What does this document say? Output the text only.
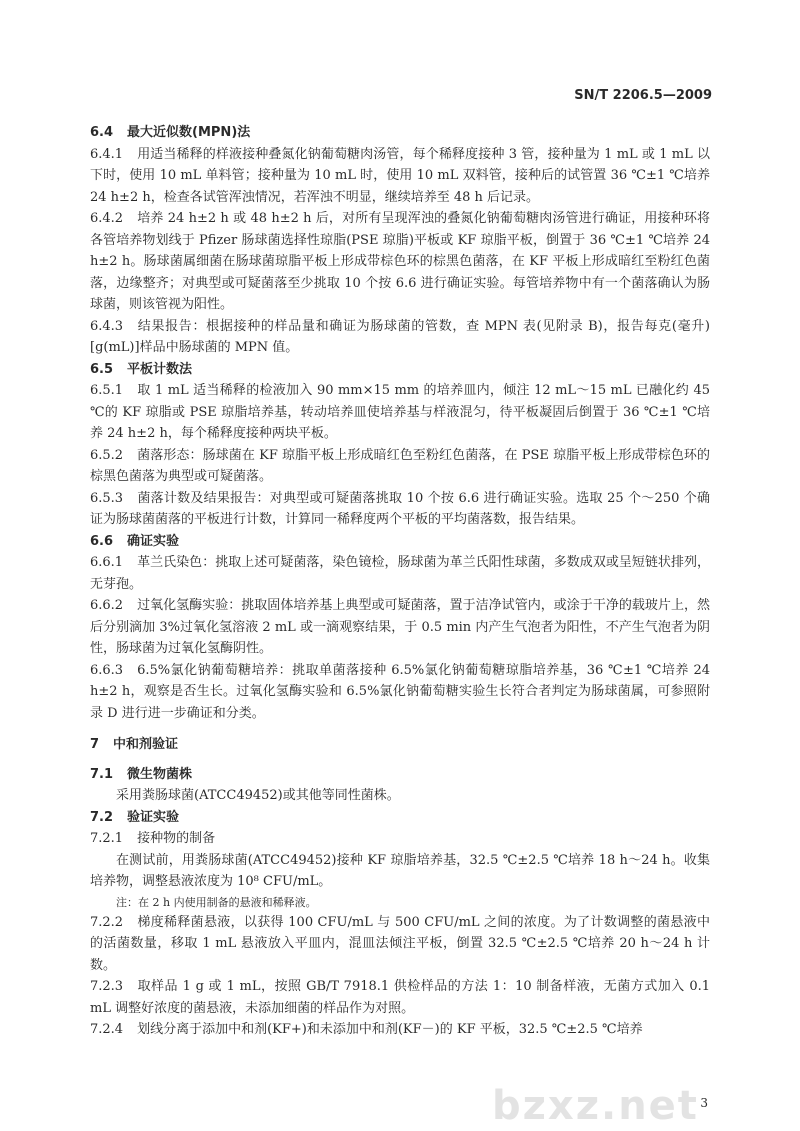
SN/T 2206.5—2009

6.4 最大近似数(MPN)法

6.4.1 用适当稀释的样液接种叠氮化钠葡萄糖肉汤管，每个稀释度接种 3 管，接种量为 1 mL 或 1 mL 以下时，使用 10 mL 单料管；接种量为 10 mL 时，使用 10 mL 双料管，接种后的试管置 36 ℃±1 ℃培养 24 h±2 h，检查各试管浑浊情况，若浑浊不明显，继续培养至 48 h 后记录。

6.4.2 培养 24 h±2 h 或 48 h±2 h 后，对所有呈现浑浊的叠氮化钠葡萄糖肉汤管进行确证，用接种环将各管培养物划线于 Pfizer 肠球菌选择性琼脂(PSE 琼脂)平板或 KF 琼脂平板，倒置于 36 ℃±1 ℃培养 24 h±2 h。肠球菌属细菌在肠球菌琼脂平板上形成带棕色环的棕黑色菌落，在 KF 平板上形成暗红至粉红色菌落，边缘整齐；对典型或可疑菌落至少挑取 10 个按 6.6 进行确证实验。每管培养物中有一个菌落确认为肠球菌，则该管视为阳性。

6.4.3 结果报告：根据接种的样品量和确证为肠球菌的管数，查 MPN 表(见附录 B)，报告每克(毫升)[g(mL)]样品中肠球菌的 MPN 值。

6.5 平板计数法

6.5.1 取 1 mL 适当稀释的检液加入 90 mm×15 mm 的培养皿内，倾注 12 mL～15 mL 已融化约 45 ℃的 KF 琼脂或 PSE 琼脂培养基，转动培养皿使培养基与样液混匀，待平板凝固后倒置于 36 ℃±1 ℃培养 24 h±2 h，每个稀释度接种两块平板。

6.5.2 菌落形态：肠球菌在 KF 琼脂平板上形成暗红色至粉红色菌落，在 PSE 琼脂平板上形成带棕色环的棕黑色菌落为典型或可疑菌落。

6.5.3 菌落计数及结果报告：对典型或可疑菌落挑取 10 个按 6.6 进行确证实验。选取 25 个～250 个确证为肠球菌菌落的平板进行计数，计算同一稀释度两个平板的平均菌落数，报告结果。

6.6 确证实验

6.6.1 革兰氏染色：挑取上述可疑菌落，染色镜检，肠球菌为革兰氏阳性球菌，多数成双或呈短链状排列，无芽孢。

6.6.2 过氧化氢酶实验：挑取固体培养基上典型或可疑菌落，置于洁净试管内，或涂于干净的载玻片上，然后分别滴加 3%过氧化氢溶液 2 mL 或一滴观察结果，于 0.5 min 内产生气泡者为阳性，不产生气泡者为阴性，肠球菌为过氧化氢酶阴性。

6.6.3 6.5%氯化钠葡萄糖培养：挑取单菌落接种 6.5%氯化钠葡萄糖琼脂培养基，36 ℃±1 ℃培养 24 h±2 h，观察是否生长。过氧化氢酶实验和 6.5%氯化钠葡萄糖实验生长符合者判定为肠球菌属，可参照附录 D 进行进一步确证和分类。

7 中和剂验证

7.1 微生物菌株

采用粪肠球菌(ATCC49452)或其他等同性菌株。

7.2 验证实验

7.2.1 接种物的制备

在测试前，用粪肠球菌(ATCC49452)接种 KF 琼脂培养基，32.5 ℃±2.5 ℃培养 18 h～24 h。收集培养物，调整悬液浓度为 10⁸ CFU/mL。

注：在 2 h 内使用制备的悬液和稀释液。

7.2.2 梯度稀释菌悬液，以获得 100 CFU/mL 与 500 CFU/mL 之间的浓度。为了计数调整的菌悬液中的活菌数量，移取 1 mL 悬液放入平皿内，混皿法倾注平板，倒置 32.5 ℃±2.5 ℃培养 20 h～24 h 计数。

7.2.3 取样品 1 g 或 1 mL，按照 GB/T 7918.1 供检样品的方法 1：10 制备样液，无菌方式加入 0.1 mL 调整好浓度的菌悬液，未添加细菌的样品作为对照。

7.2.4 划线分离于添加中和剂(KF+)和未添加中和剂(KF－)的 KF 平板，32.5 ℃±2.5 ℃培养

bzxz.net 3
